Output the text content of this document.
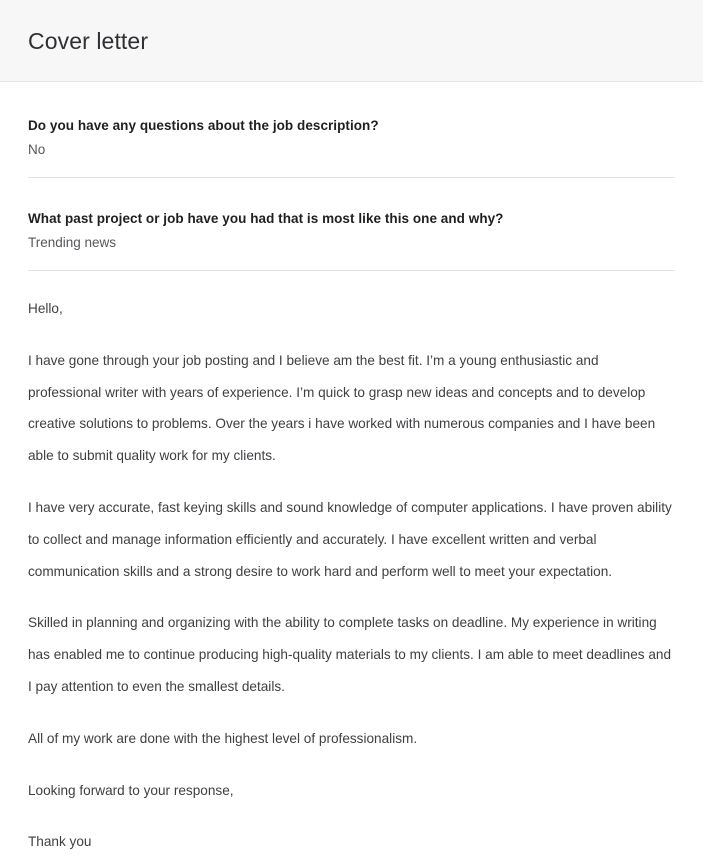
Cover letter

Do you have any questions about the job description?

No

What past project or job have you had that is most like this one and why?

Trending news

Hello,

I have gone through your job posting and I believe am the best fit. I’m a young enthusiastic and professional writer with years of experience. I’m quick to grasp new ideas and concepts and to develop creative solutions to problems. Over the years i have worked with numerous companies and I have been able to submit quality work for my clients.

I have very accurate, fast keying skills and sound knowledge of computer applications. I have proven ability to collect and manage information efficiently and accurately. I have excellent written and verbal communication skills and a strong desire to work hard and perform well to meet your expectation.

Skilled in planning and organizing with the ability to complete tasks on deadline. My experience in writing has enabled me to continue producing high-quality materials to my clients. I am able to meet deadlines and I pay attention to even the smallest details.

All of my work are done with the highest level of professionalism.

Looking forward to your response,

Thank you
